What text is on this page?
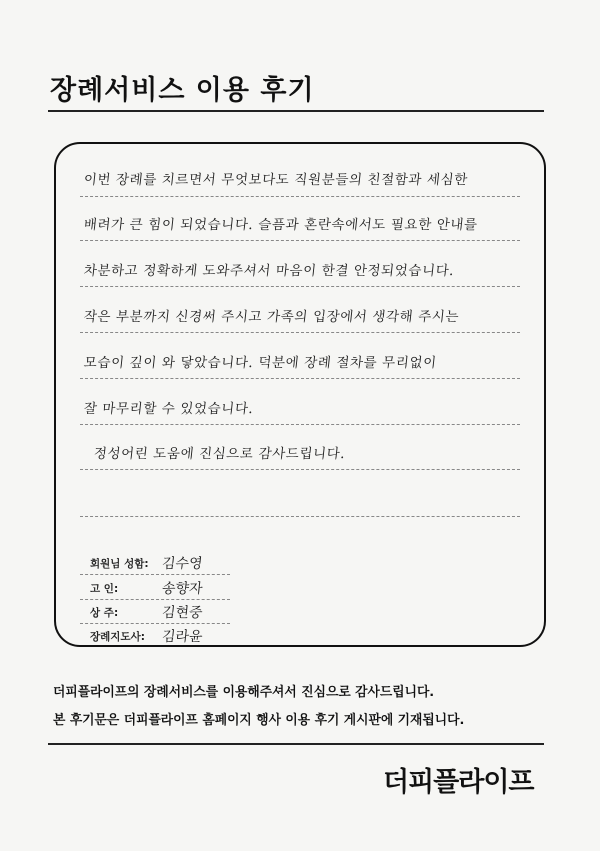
장례서비스 이용 후기
이번 장례를 치르면서 무엇보다도 직원분들의 친절함과 세심한
배려가 큰 힘이 되었습니다. 슬픔과 혼란속에서도 필요한 안내를
차분하고 정확하게 도와주셔서 마음이 한결 안정되었습니다.
작은 부분까지 신경써 주시고 가족의 입장에서 생각해 주시는
모습이 깊이 와 닿았습니다. 덕분에 장례 절차를 무리없이
잘 마무리할 수 있었습니다.
정성어린 도움에 진심으로 감사드립니다.
회원님 성함: 김수영
고 인:	송향자
상 주:	김현중
장례지도사: 김라윤
더피플라이프의 장례서비스를 이용해주셔서 진심으로 감사드립니다.
본 후기문은 더피플라이프 홈페이지 행사 이용 후기 게시판에 기재됩니다.
더피플라이프
